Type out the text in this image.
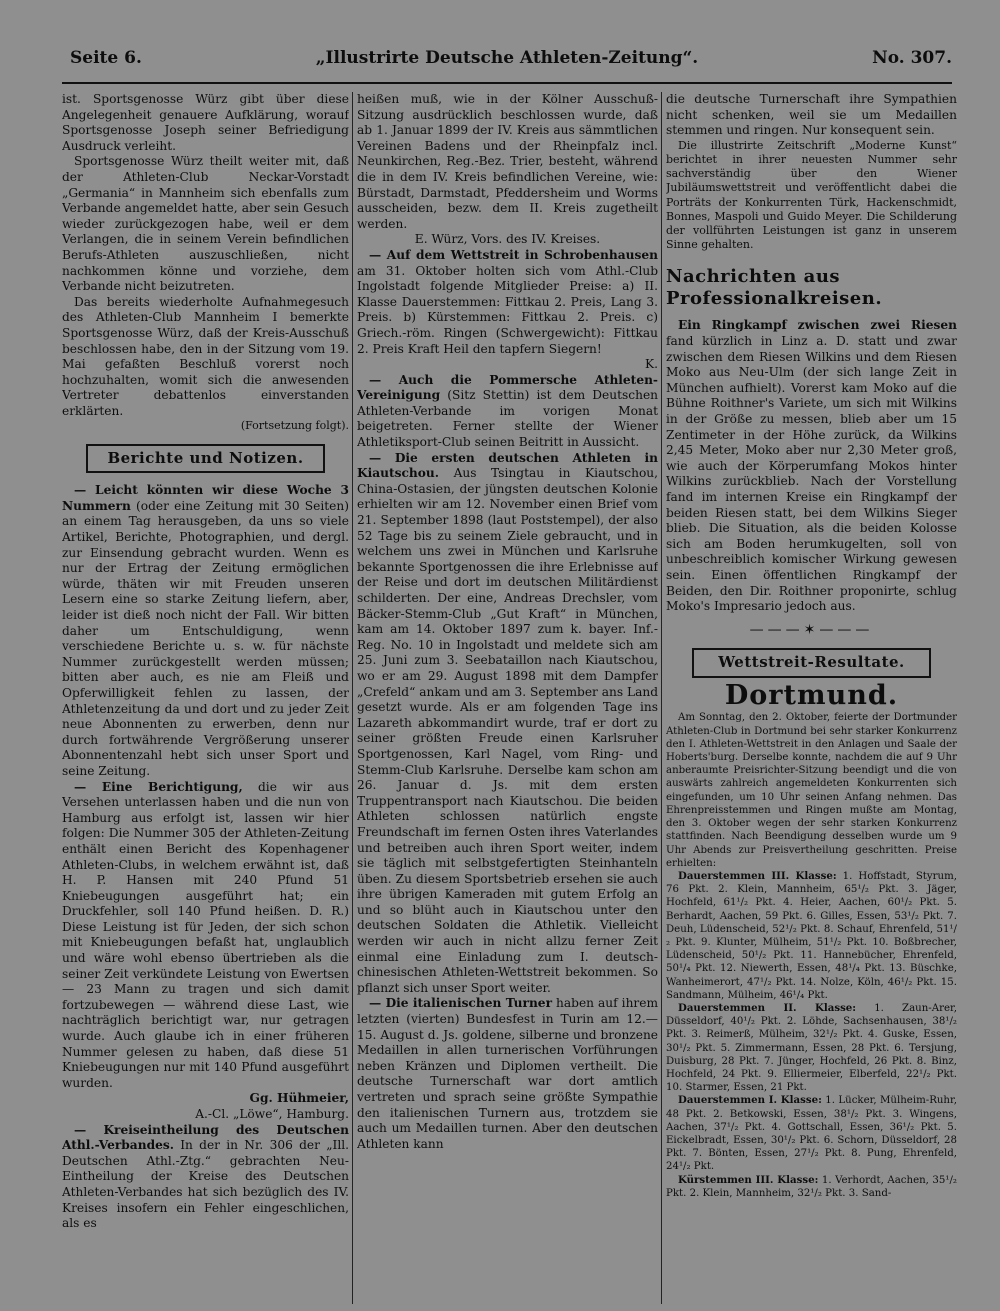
Seite 6.	„Illustrirte Deutsche Athleten-Zeitung“.	No. 307.

ist. Sportsgenosse Würz gibt über diese Angelegenheit genauere Aufklärung, worauf Sportsgenosse Joseph seiner Befriedigung Ausdruck verleiht.

Sportsgenosse Würz theilt weiter mit, daß der Athleten-Club Neckar-Vorstadt „Germania“ in Mannheim sich ebenfalls zum Verbande angemeldet hatte, aber sein Gesuch wieder zurückgezogen habe, weil er dem Verlangen, die in seinem Verein befindlichen Berufs-Athleten auszuschließen, nicht nachkommen könne und vorziehe, dem Verbande nicht beizutreten.

Das bereits wiederholte Aufnahmegesuch des Athleten-Club Mannheim I bemerkte Sportsgenosse Würz, daß der Kreis-Ausschuß beschlossen habe, den in der Sitzung vom 19. Mai gefaßten Beschluß vorerst noch hochzuhalten, womit sich die anwesenden Vertreter debattenlos einverstanden erklärten.

(Fortsetzung folgt).

Berichte und Notizen.

— Leicht könnten wir diese Woche 3 Nummern (oder eine Zeitung mit 30 Seiten) an einem Tag herausgeben, da uns so viele Artikel, Berichte, Photographien, und dergl. zur Einsendung gebracht wurden. Wenn es nur der Ertrag der Zeitung ermöglichen würde, thäten wir mit Freuden unseren Lesern eine so starke Zeitung liefern, aber, leider ist dieß noch nicht der Fall. Wir bitten daher um Entschuldigung, wenn verschiedene Berichte u. s. w. für nächste Nummer zurückgestellt werden müssen; bitten aber auch, es nie am Fleiß und Opferwilligkeit fehlen zu lassen, der Athletenzeitung da und dort und zu jeder Zeit neue Abonnenten zu erwerben, denn nur durch fortwährende Vergrößerung unserer Abonnentenzahl hebt sich unser Sport und seine Zeitung.

— Eine Berichtigung, die wir aus Versehen unterlassen haben und die nun von Hamburg aus erfolgt ist, lassen wir hier folgen: Die Nummer 305 der Athleten-Zeitung enthält einen Bericht des Kopenhagener Athleten-Clubs, in welchem erwähnt ist, daß H. P. Hansen mit 240 Pfund 51 Kniebeugungen ausgeführt hat; ein Druckfehler, soll 140 Pfund heißen. D. R.) Diese Leistung ist für Jeden, der sich schon mit Kniebeugungen befaßt hat, unglaublich und wäre wohl ebenso übertrieben als die seiner Zeit verkündete Leistung von Ewertsen — 23 Mann zu tragen und sich damit fortzubewegen — während diese Last, wie nachträglich berichtigt war, nur getragen wurde. Auch glaube ich in einer früheren Nummer gelesen zu haben, daß diese 51 Kniebeugungen nur mit 140 Pfund ausgeführt wurden.

Gg. Hühmeier,

A.-Cl. „Löwe“, Hamburg.

— Kreiseintheilung des Deutschen Athl.-Verbandes. In der in Nr. 306 der „Ill. Deutschen Athl.-Ztg.“ gebrachten Neu-Eintheilung der Kreise des Deutschen Athleten-Verbandes hat sich bezüglich des IV. Kreises insofern ein Fehler eingeschlichen, als es

heißen muß, wie in der Kölner Ausschuß-Sitzung ausdrücklich beschlossen wurde, daß ab 1. Januar 1899 der IV. Kreis aus sämmtlichen Vereinen Badens und der Rheinpfalz incl. Neunkirchen, Reg.-Bez. Trier, besteht, während die in dem IV. Kreis befindlichen Vereine, wie: Bürstadt, Darmstadt, Pfeddersheim und Worms ausscheiden, bezw. dem II. Kreis zugetheilt werden.

E. Würz, Vors. des IV. Kreises.

— Auf dem Wettstreit in Schrobenhausen am 31. Oktober holten sich vom Athl.-Club Ingolstadt folgende Mitglieder Preise: a) II. Klasse Dauerstemmen: Fittkau 2. Preis, Lang 3. Preis. b) Kürstemmen: Fittkau 2. Preis. c) Griech.-röm. Ringen (Schwergewicht): Fittkau 2. Preis Kraft Heil den tapfern Siegern!

K.

— Auch die Pommersche Athleten-Vereinigung (Sitz Stettin) ist dem Deutschen Athleten-Verbande im vorigen Monat beigetreten. Ferner stellte der Wiener Athletiksport-Club seinen Beitritt in Aussicht.

— Die ersten deutschen Athleten in Kiautschou. Aus Tsingtau in Kiautschou, China-Ostasien, der jüngsten deutschen Kolonie erhielten wir am 12. November einen Brief vom 21. September 1898 (laut Poststempel), der also 52 Tage bis zu seinem Ziele gebraucht, und in welchem uns zwei in München und Karlsruhe bekannte Sportgenossen die ihre Erlebnisse auf der Reise und dort im deutschen Militärdienst schilderten. Der eine, Andreas Drechsler, vom Bäcker-Stemm-Club „Gut Kraft“ in München, kam am 14. Oktober 1897 zum k. bayer. Inf.-Reg. No. 10 in Ingolstadt und meldete sich am 25. Juni zum 3. Seebataillon nach Kiautschou, wo er am 29. August 1898 mit dem Dampfer „Crefeld“ ankam und am 3. September ans Land gesetzt wurde. Als er am folgenden Tage ins Lazareth abkommandirt wurde, traf er dort zu seiner größten Freude einen Karlsruher Sportgenossen, Karl Nagel, vom Ring- und Stemm-Club Karlsruhe. Derselbe kam schon am 26. Januar d. Js. mit dem ersten Truppentransport nach Kiautschou. Die beiden Athleten schlossen natürlich engste Freundschaft im fernen Osten ihres Vaterlandes und betreiben auch ihren Sport weiter, indem sie täglich mit selbstgefertigten Steinhanteln üben. Zu diesem Sportsbetrieb ersehen sie auch ihre übrigen Kameraden mit gutem Erfolg an und so blüht auch in Kiautschou unter den deutschen Soldaten die Athletik. Vielleicht werden wir auch in nicht allzu ferner Zeit einmal eine Einladung zum I. deutsch-chinesischen Athleten-Wettstreit bekommen. So pflanzt sich unser Sport weiter.

— Die italienischen Turner haben auf ihrem letzten (vierten) Bundesfest in Turin am 12.—15. August d. Js. goldene, silberne und bronzene Medaillen in allen turnerischen Vorführungen neben Kränzen und Diplomen vertheilt. Die deutsche Turnerschaft war dort amtlich vertreten und sprach seine größte Sympathie den italienischen Turnern aus, trotzdem sie auch um Medaillen turnen. Aber den deutschen Athleten kann

die deutsche Turnerschaft ihre Sympathien nicht schenken, weil sie um Medaillen stemmen und ringen. Nur konsequent sein.

Die illustrirte Zeitschrift „Moderne Kunst“ berichtet in ihrer neuesten Nummer sehr sachverständig über den Wiener Jubiläumswettstreit und veröffentlicht dabei die Porträts der Konkurrenten Türk, Hackenschmidt, Bonnes, Maspoli und Guido Meyer. Die Schilderung der vollführten Leistungen ist ganz in unserem Sinne gehalten.

Nachrichten aus Professionalkreisen.

Ein Ringkampf zwischen zwei Riesen fand kürzlich in Linz a. D. statt und zwar zwischen dem Riesen Wilkins und dem Riesen Moko aus Neu-Ulm (der sich lange Zeit in München aufhielt). Vorerst kam Moko auf die Bühne Roithner's Variete, um sich mit Wilkins in der Größe zu messen, blieb aber um 15 Zentimeter in der Höhe zurück, da Wilkins 2,45 Meter, Moko aber nur 2,30 Meter groß, wie auch der Körperumfang Mokos hinter Wilkins zurückblieb. Nach der Vorstellung fand im internen Kreise ein Ringkampf der beiden Riesen statt, bei dem Wilkins Sieger blieb. Die Situation, als die beiden Kolosse sich am Boden herumkugelten, soll von unbeschreiblich komischer Wirkung gewesen sein. Einen öffentlichen Ringkampf der Beiden, den Dir. Roithner proponirte, schlug Moko's Impresario jedoch aus.

———✶———
Wettstreit-Resultate.
Dortmund.

Am Sonntag, den 2. Oktober, feierte der Dortmunder Athleten-Club in Dortmund bei sehr starker Konkurrenz den I. Athleten-Wettstreit in den Anlagen und Saale der Hoberts'burg. Derselbe konnte, nachdem die auf 9 Uhr anberaumte Preisrichter-Sitzung beendigt und die von auswärts zahlreich angemeldeten Konkurrenten sich eingefunden, um 10 Uhr seinen Anfang nehmen. Das Ehrenpreisstemmen und Ringen mußte am Montag, den 3. Oktober wegen der sehr starken Konkurrenz stattfinden. Nach Beendigung desselben wurde um 9 Uhr Abends zur Preisvertheilung geschritten. Preise erhielten:

Dauerstemmen III. Klasse: 1. Hoffstadt, Styrum, 76 Pkt. 2. Klein, Mannheim, 65¹/₂ Pkt. 3. Jäger, Hochfeld, 61¹/₂ Pkt. 4. Heier, Aachen, 60¹/₂ Pkt. 5. Berhardt, Aachen, 59 Pkt. 6. Gilles, Essen, 53¹/₂ Pkt. 7. Deuh, Lüdenscheid, 52¹/₂ Pkt. 8. Schauf, Ehrenfeld, 51¹/₂ Pkt. 9. Klunter, Mülheim, 51¹/₂ Pkt. 10. Boßbrecher, Lüdenscheid, 50¹/₂ Pkt. 11. Hannebücher, Ehrenfeld, 50¹/₄ Pkt. 12. Niewerth, Essen, 48¹/₄ Pkt. 13. Büschke, Wanheimerort, 47¹/₂ Pkt. 14. Nolze, Köln, 46¹/₂ Pkt. 15. Sandmann, Mülheim, 46¹/₄ Pkt.

Dauerstemmen II. Klasse: 1. Zaun-Arer, Düsseldorf, 40¹/₂ Pkt. 2. Löhde, Sachsenhausen, 38¹/₂ Pkt. 3. Reimerß, Mülheim, 32¹/₂ Pkt. 4. Guske, Essen, 30¹/₂ Pkt. 5. Zimmermann, Essen, 28 Pkt. 6. Tersjung, Duisburg, 28 Pkt. 7. Jünger, Hochfeld, 26 Pkt. 8. Binz, Hochfeld, 24 Pkt. 9. Elliermeier, Elberfeld, 22¹/₂ Pkt. 10. Starmer, Essen, 21 Pkt.

Dauerstemmen I. Klasse: 1. Lücker, Mülheim-Ruhr, 48 Pkt. 2. Betkowski, Essen, 38¹/₂ Pkt. 3. Wingens, Aachen, 37¹/₂ Pkt. 4. Gottschall, Essen, 36¹/₂ Pkt. 5. Eickelbradt, Essen, 30¹/₂ Pkt. 6. Schorn, Düsseldorf, 28 Pkt. 7. Bönten, Essen, 27¹/₂ Pkt. 8. Pung, Ehrenfeld, 24¹/₂ Pkt.

Kürstemmen III. Klasse: 1. Verhordt, Aachen, 35¹/₂ Pkt. 2. Klein, Mannheim, 32¹/₂ Pkt. 3. Sand-
